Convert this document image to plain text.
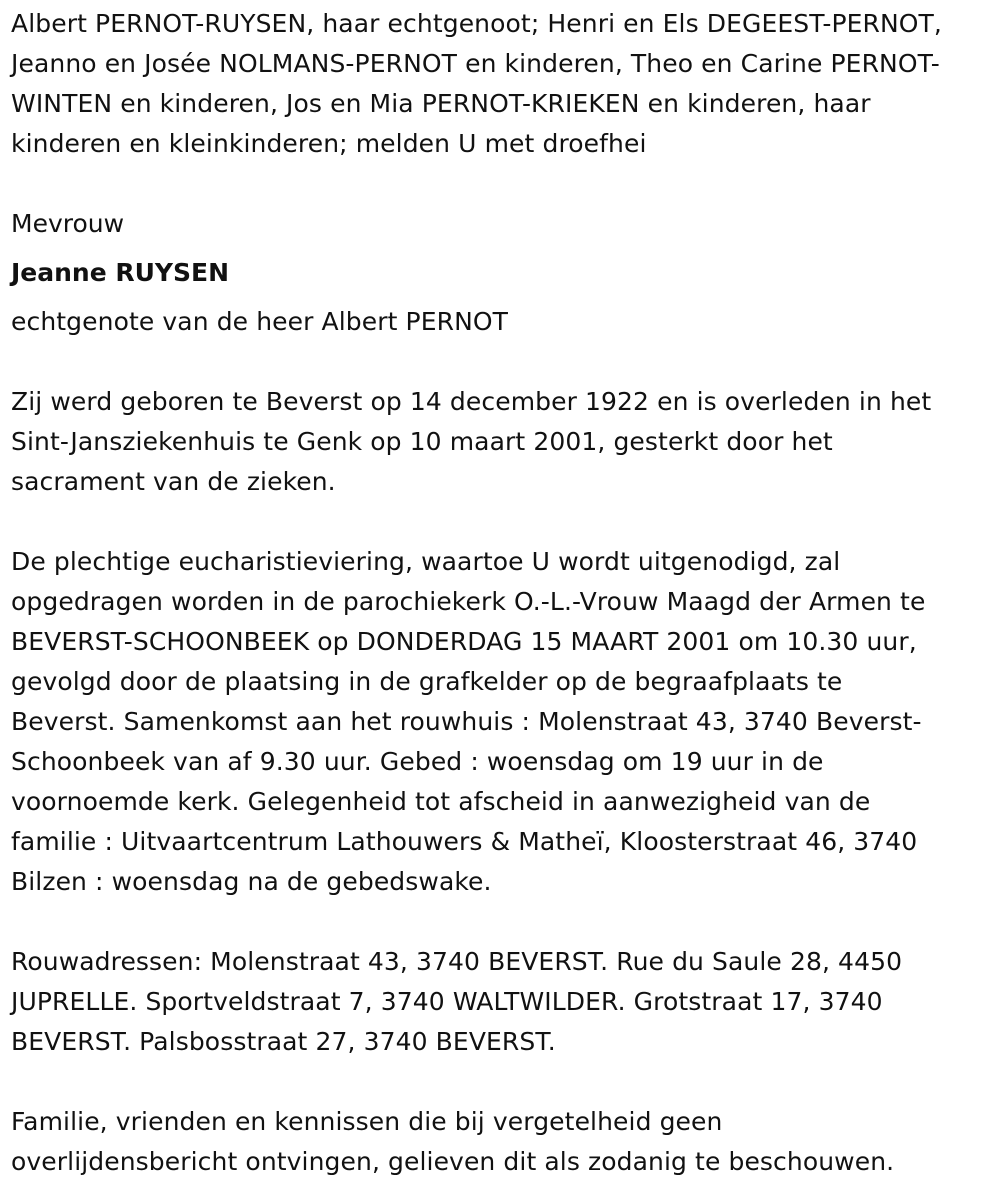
Albert PERNOT-RUYSEN, haar echtgenoot; Henri en Els DEGEEST-PERNOT,
Jeanno en Josée NOLMANS-PERNOT en kinderen, Theo en Carine PERNOT-
WINTEN en kinderen, Jos en Mia PERNOT-KRIEKEN en kinderen, haar
kinderen en kleinkinderen; melden U met droefhei

Mevrouw

Jeanne RUYSEN

echtgenote van de heer Albert PERNOT

Zij werd geboren te Beverst op 14 december 1922 en is overleden in het
Sint-Jansziekenhuis te Genk op 10 maart 2001, gesterkt door het
sacrament van de zieken.

De plechtige eucharistieviering, waartoe U wordt uitgenodigd, zal
opgedragen worden in de parochiekerk O.-L.-Vrouw Maagd der Armen te
BEVERST-SCHOONBEEK op DONDERDAG 15 MAART 2001 om 10.30 uur,
gevolgd door de plaatsing in de grafkelder op de begraafplaats te
Beverst. Samenkomst aan het rouwhuis : Molenstraat 43, 3740 Beverst-
Schoonbeek van af 9.30 uur. Gebed : woensdag om 19 uur in de
voornoemde kerk. Gelegenheid tot afscheid in aanwezigheid van de
familie : Uitvaartcentrum Lathouwers & Matheï, Kloosterstraat 46, 3740
Bilzen : woensdag na de gebedswake.

Rouwadressen: Molenstraat 43, 3740 BEVERST. Rue du Saule 28, 4450
JUPRELLE. Sportveldstraat 7, 3740 WALTWILDER. Grotstraat 17, 3740
BEVERST. Palsbosstraat 27, 3740 BEVERST.

Familie, vrienden en kennissen die bij vergetelheid geen
overlijdensbericht ontvingen, gelieven dit als zodanig te beschouwen.
